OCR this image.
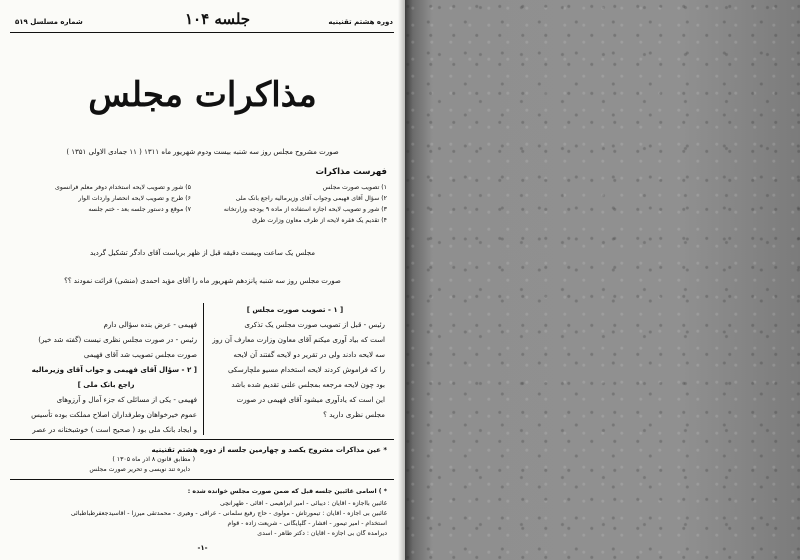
دوره هشتم تقنينيه
جلسه ۱۰۴
شماره مسلسل ۵۱۹
مذاکرات مجلس
صورت مشروح مجلس روز سه شنبه بیست ودوم شهریور ماه ۱۳۱۱ ( ۱۱ جمادی الاولی ۱۳۵۱ )
فهرست مذاکرات
۱) تصویب صورت مجلس
۲) سؤال آقای فهیمی وجواب آقای وزیرمالیه راجع بانک ملی
۳) شور و تصویب لایحه اجازه استفاده از ماده ۹ بودجه وزارتخانه
۴) تقدیم یک فقره لایحه از طرف معاون وزارت طرق
۵) شور و تصویب لایحه استخدام دوفر معلم فرانسوی
۶) طرح و تصویب لایحه انحصار واردات الوار
۷) موقع و دستور جلسه بعد - ختم جلسه
مجلس یک ساعت وبیست دقیقه قبل از ظهر بریاست آقای دادگر تشکیل گردید
صورت مجلس روز سه شنبه پانزدهم شهریور ماه را آقای مؤید احمدی (منشی) قرائت نمودند ؟؟
[ ۱ - تصویب صورت مجلس ]
رئیس - قبل از تصویب صورت مجلس یک تذکری
است که بیاد آوری میکنم آقای معاون وزارت معارف آن روز
سه لایحه دادند ولی در تقریر دو لایحه گفتند آن لایحه
را که فراموش کردند لایحه استخدام مسیو ملچارسکی
بود چون لایحه مرجعه بمجلس علنی تقدیم شده باشد
این است که یادآوری میشود آقای فهیمی در صورت
مجلس نظری دارید ؟
فهیمی - عرض بنده سؤالی دارم
رئیس - در صورت مجلس نظری نیست (گفته شد خیر)
صورت مجلس تصویب شد آقای فهیمی
[ ۲ - سؤال آقای فهیمی و جواب آقای وزیرمالیه
راجع بانک ملی ]
فهیمی - یکی از مسائلی که جزء آمال و آرزوهای
عموم خیرخواهان وطرفداران اصلاح مملکت بوده تأسیس
و ایجاد بانک ملی بود ( صحیح است ) خوشبختانه در عصر
* عین مذاکرات مشروح یکصد و چهارمین جلسه از دوره هشتم تقنینیه
( مطابق قانون ۸ اذر ماه ۱۳۰۵ )
دایره تند نویسی و تحریر صورت مجلس
* ) اسامی غائبین جلسه قبل که ضمن صورت مجلس خوانده شده :
غائبین بااجازه - آقایان : دیبائی - امیر ابراهیمی - آقائی - طهرانچی
غائبین بی اجازه - آقایان : تیمورتاش - مولوی - حاج رفیع سلمانی - عراقی - وهیری - محمدتقی میرزا - آقاسیدجعفرطباطبائی
استخدام - امیر تیمور - افشار - گلپایگانی - شریعت زاده - قوام
دیرآمده گان بی اجازه - آقایان : دکتر طاهر - اسدی
-۱-
